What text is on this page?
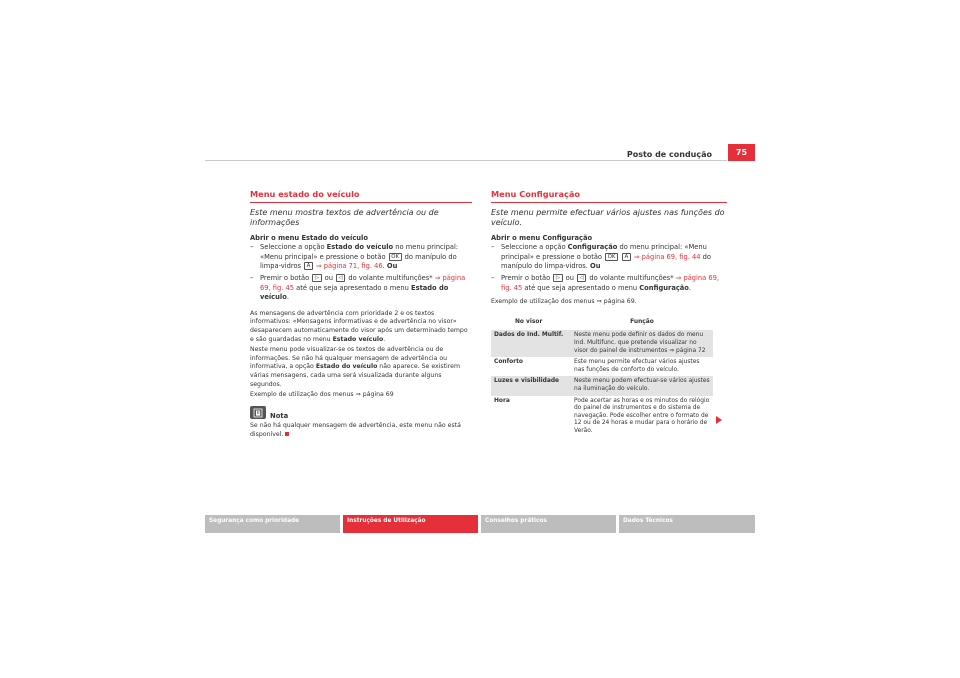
Posto de condução	75
Menu estado do veículo
Este menu mostra textos de advertência ou de informações
Abrir o menu Estado do veículo
– Seleccione a opção Estado do veículo no menu principal: «Menu principal» e pressione o botão OK do manípulo do limpa-vidros A ⇒ página 71, fig. 46. Ou
– Premir o botão ▷ ou ◁ do volante multifunções* ⇒ página 69, fig. 45 até que seja apresentado o menu Estado do veículo.
As mensagens de advertência com prioridade 2 e os textos informativos: «Mensagens informativas e de advertência no visor» desaparecem automaticamente do visor após um determinado tempo e são guardadas no menu Estado veículo.
Neste menu pode visualizar-se os textos de advertência ou de informações. Se não há qualquer mensagem de advertência ou informativa, a opção Estado do veículo não aparece. Se existirem várias mensagens, cada uma será visualizada durante alguns segundos.
Exemplo de utilização dos menus ⇒ página 69
Nota
Se não há qualquer mensagem de advertência, este menu não está disponível.
Menu Configuração
Este menu permite efectuar vários ajustes nas funções do veículo.
Abrir o menu Configuração
– Seleccione a opção Configuração do menu principal: «Menu principal» e pressione o botão OK A ⇒ página 69, fig. 44 do manípulo do limpa-vidros. Ou
– Premir o botão ▷ ou ◁ do volante multifunções* ⇒ página 69, fig. 45 até que seja apresentado o menu Configuração.
Exemplo de utilização dos menus ⇒ página 69.
No visor	Função
Dados do Ind. Multif.	Neste menu pode definir os dados do menu Ind. Multifunc. que pretende visualizar no visor do painel de instrumentos ⇒ página 72
Conforto	Este menu permite efectuar vários ajustes nas funções de conforto do veículo.
Luzes e visibilidade	Neste menu podem efectuar-se vários ajustes na iluminação do veículo.
Hora	Pode acertar as horas e os minutos do relógio do painel de instrumentos e do sistema de navegação. Pode escolher entre o formato de 12 ou de 24 horas e mudar para o horário de Verão.
Segurança como prioridade	Instruções de Utilização	Conselhos práticos	Dados Técnicos
